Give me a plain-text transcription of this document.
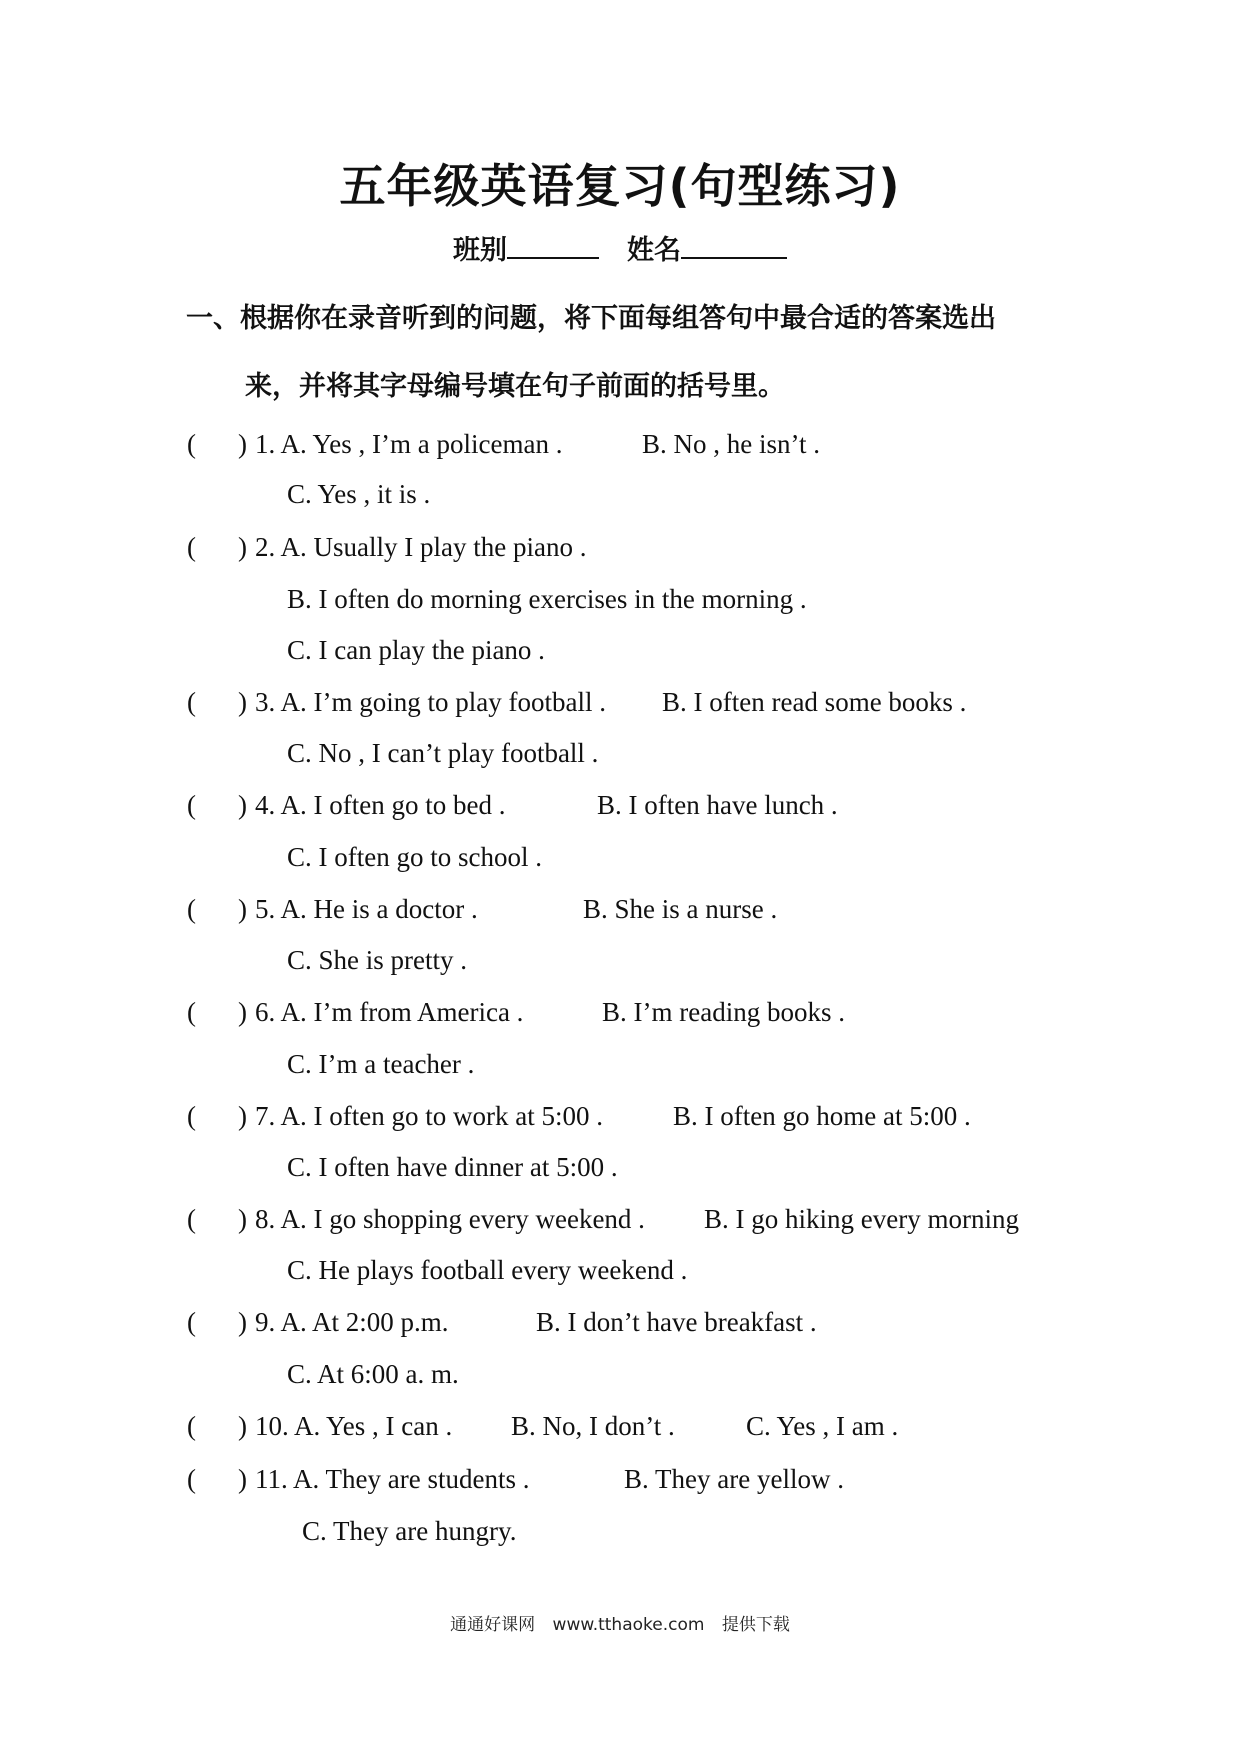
五年级英语复习(句型练习)
班别	姓名
一、根据你在录音听到的问题，将下面每组答句中最合适的答案选出
来，并将其字母编号填在句子前面的括号里。
( ) 1. A. Yes , I’m a policeman .	B. No , he isn’t .
C. Yes , it is .
( ) 2. A. Usually I play the piano .
B. I often do morning exercises in the morning .
C. I can play the piano .
( ) 3. A. I’m going to play football . B. I often read some books .
C. No , I can’t play football .
( ) 4. A. I often go to bed .	B. I often have lunch .
C. I often go to school .
( ) 5. A. He is a doctor .	B. She is a nurse .
C. She is pretty .
( ) 6. A. I’m from America .	B. I’m reading books .
C. I’m a teacher .
( ) 7. A. I often go to work at 5:00 .	B. I often go home at 5:00 .
C. I often have dinner at 5:00 .
( ) 8. A. I go shopping every weekend . B. I go hiking every morning
C. He plays football every weekend .
( ) 9. A. At 2:00 p.m.	B. I don’t have breakfast .
C. At 6:00 a. m.
( ) 10. A. Yes , I can . B. No, I don’t .	C. Yes , I am .
( ) 11. A. They are students .	B. They are yellow .
C. They are hungry.
通通好课网 www.tthaoke.com 提供下载
